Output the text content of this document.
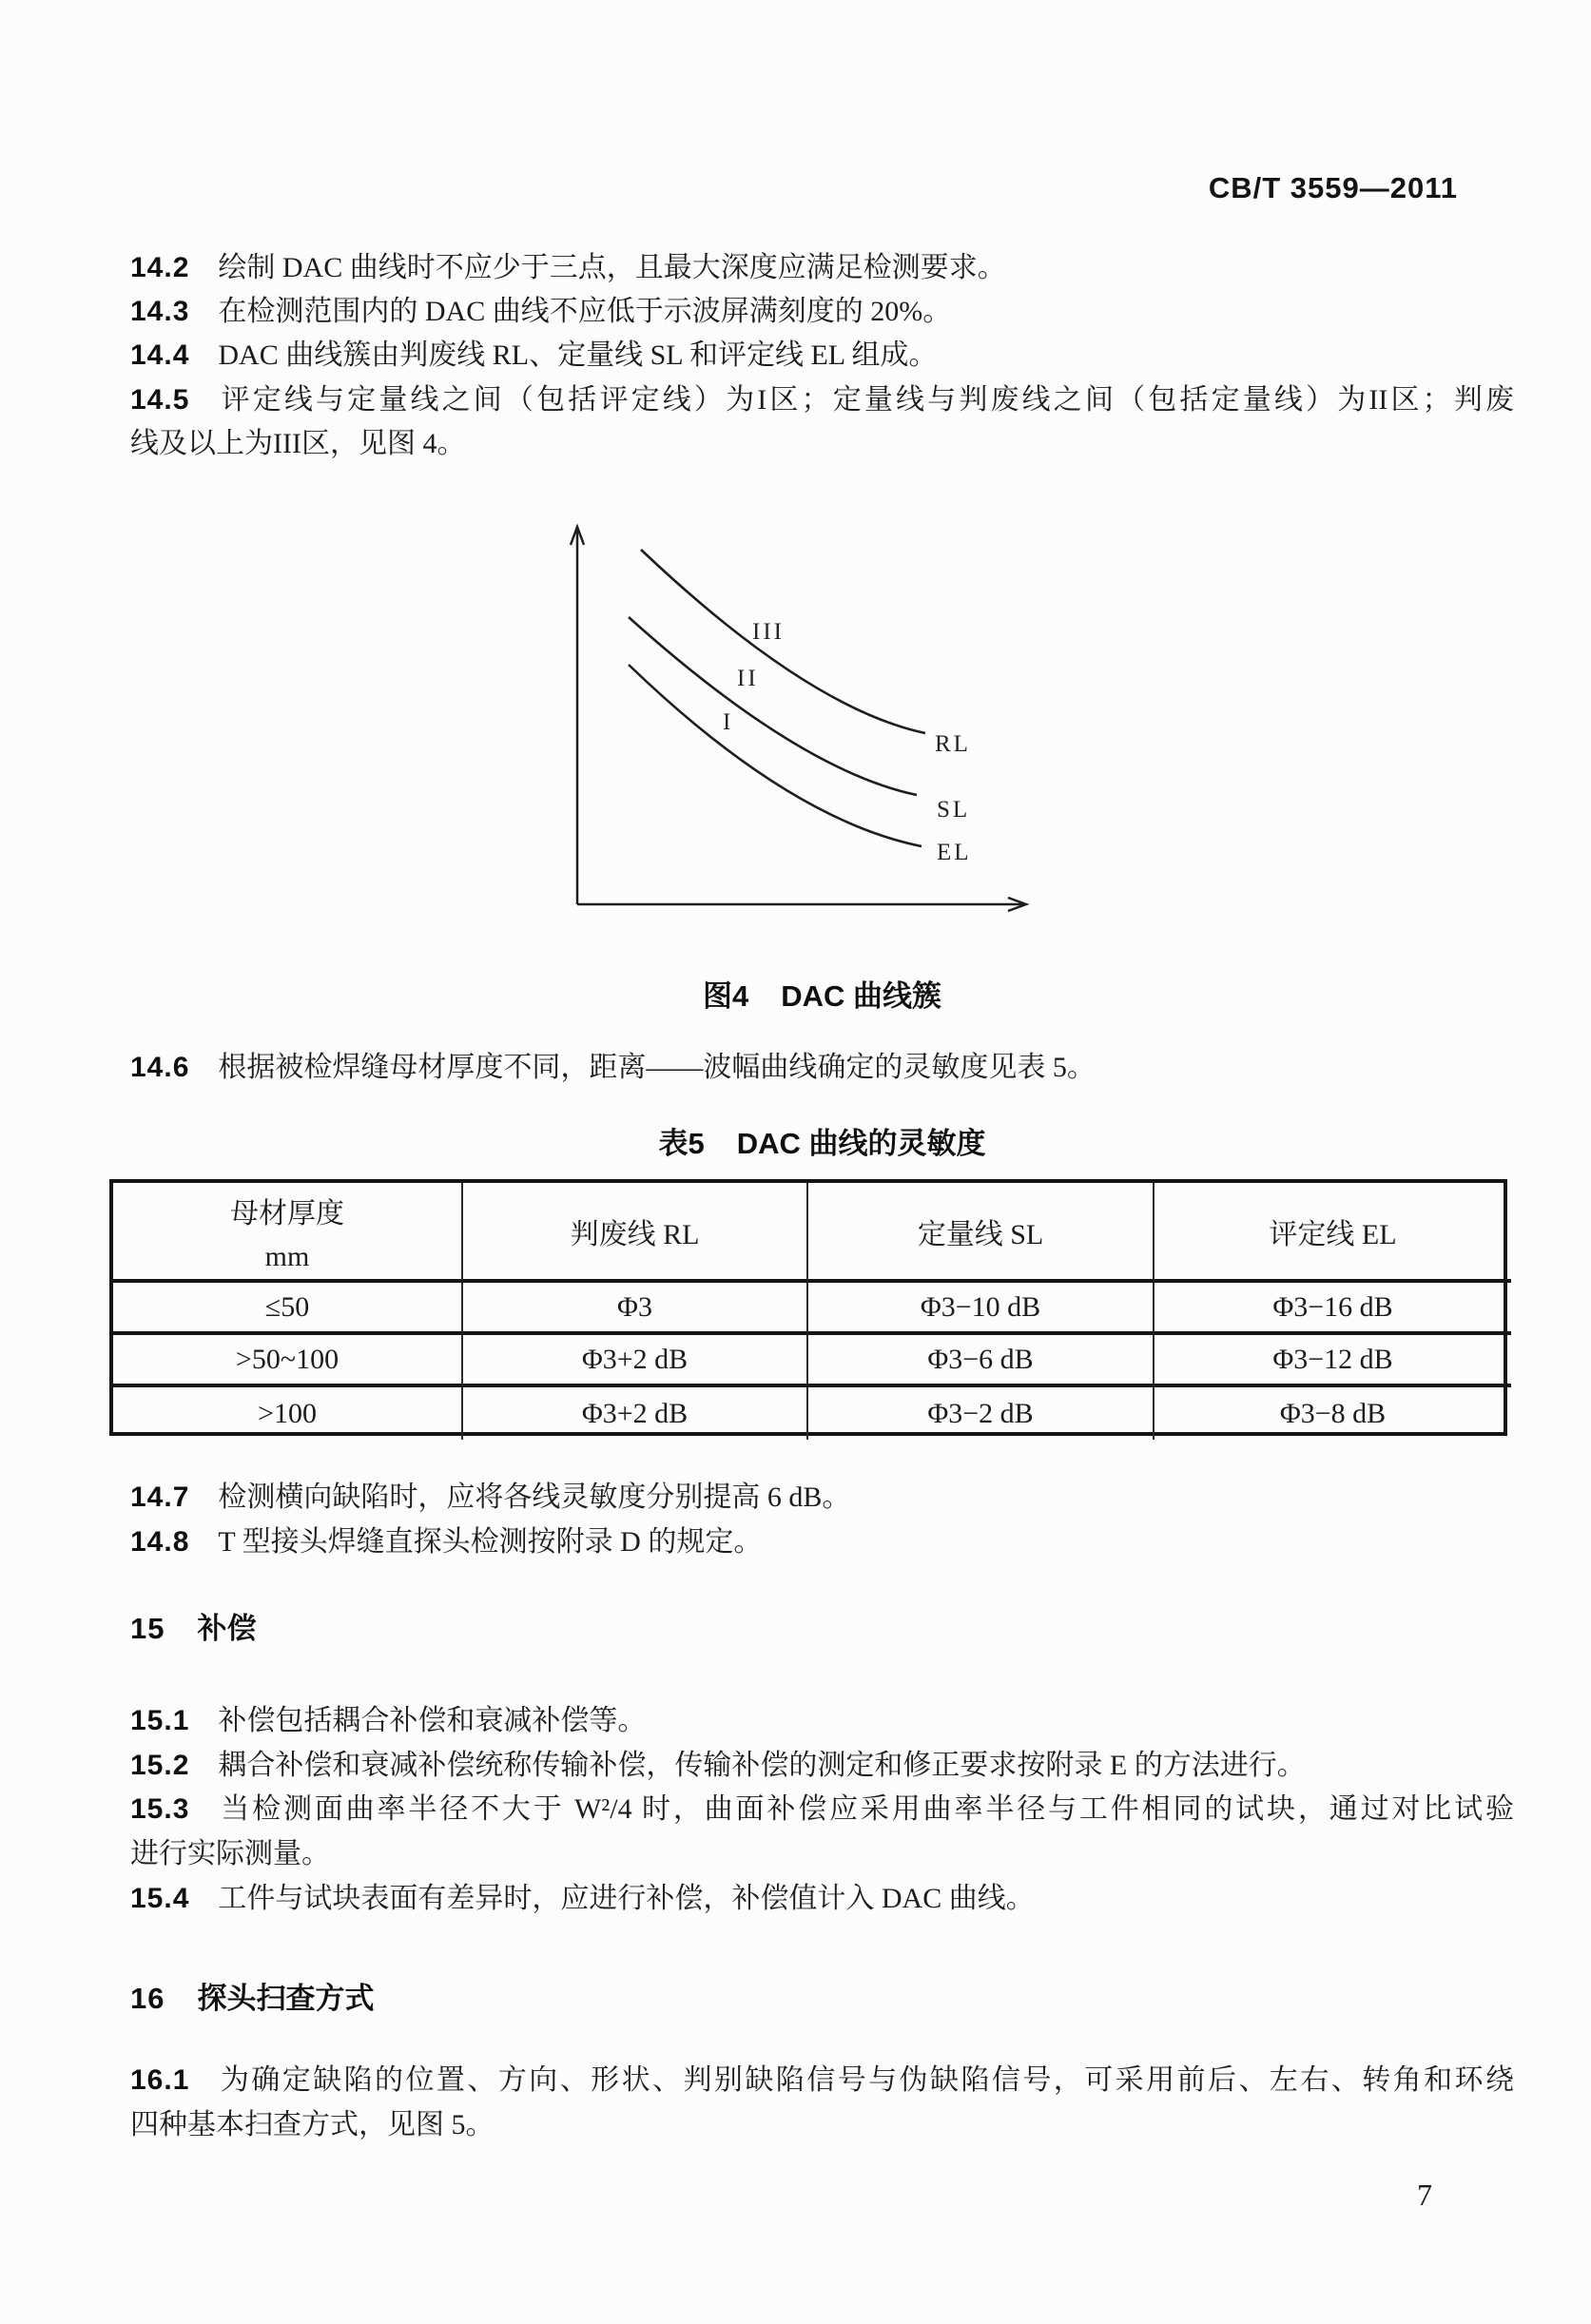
CB/T 3559—2011
14.2 绘制 DAC 曲线时不应少于三点，且最大深度应满足检测要求。
14.3 在检测范围内的 DAC 曲线不应低于示波屏满刻度的 20%。
14.4 DAC 曲线簇由判废线 RL、定量线 SL 和评定线 EL 组成。
14.5 评定线与定量线之间（包括评定线）为I区；定量线与判废线之间（包括定量线）为II区；判废
线及以上为III区，见图 4。
III
II
I
RL
SL
EL
图4 DAC 曲线簇
14.6 根据被检焊缝母材厚度不同，距离——波幅曲线确定的灵敏度见表 5。
表5 DAC 曲线的灵敏度
母材厚度
mm
判废线 RL	定量线 SL	评定线 EL
≤50	Φ3	Φ3−10 dB	Φ3−16 dB
>50~100	Φ3+2 dB	Φ3−6 dB	Φ3−12 dB
>100	Φ3+2 dB	Φ3−2 dB	Φ3−8 dB
14.7 检测横向缺陷时，应将各线灵敏度分别提高 6 dB。
14.8 T 型接头焊缝直探头检测按附录 D 的规定。
15 补偿
15.1 补偿包括耦合补偿和衰减补偿等。
15.2 耦合补偿和衰减补偿统称传输补偿，传输补偿的测定和修正要求按附录 E 的方法进行。
15.3 当检测面曲率半径不大于 W²/4 时，曲面补偿应采用曲率半径与工件相同的试块，通过对比试验
进行实际测量。
15.4 工件与试块表面有差异时，应进行补偿，补偿值计入 DAC 曲线。
16 探头扫查方式
16.1 为确定缺陷的位置、方向、形状、判别缺陷信号与伪缺陷信号，可采用前后、左右、转角和环绕
四种基本扫查方式，见图 5。
7
